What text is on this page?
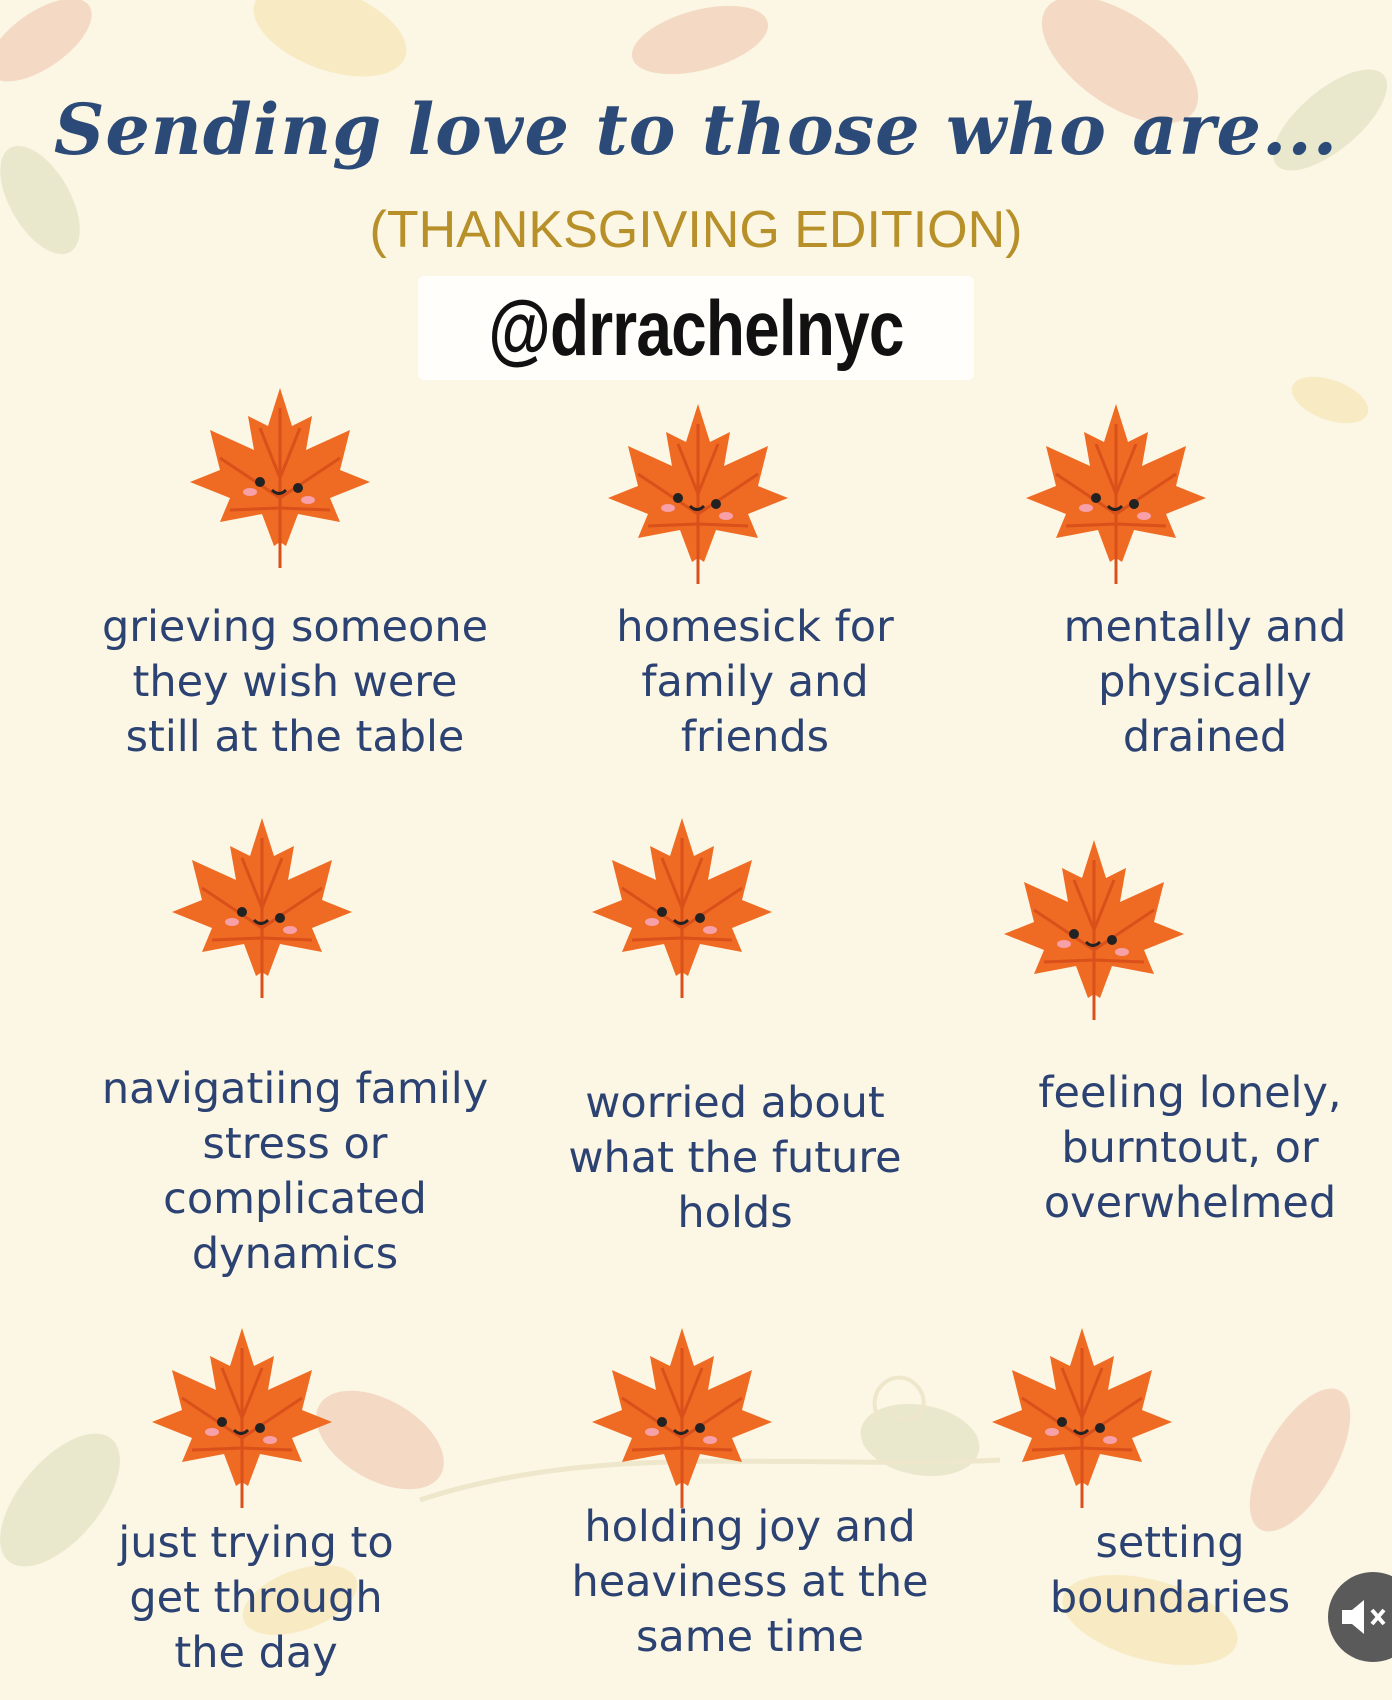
Sending love to those who are...
(THANKSGIVING EDITION)
@drrachelnyc
grieving someone
they wish were
still at the table
homesick for
family and
friends
mentally and
physically
drained
navigatiing family
stress or complicated
dynamics
worried about
what the future
holds
feeling lonely,
burntout, or
overwhelmed
just trying to
get through
the day
holding joy and
heaviness at the
same time
setting
boundaries
